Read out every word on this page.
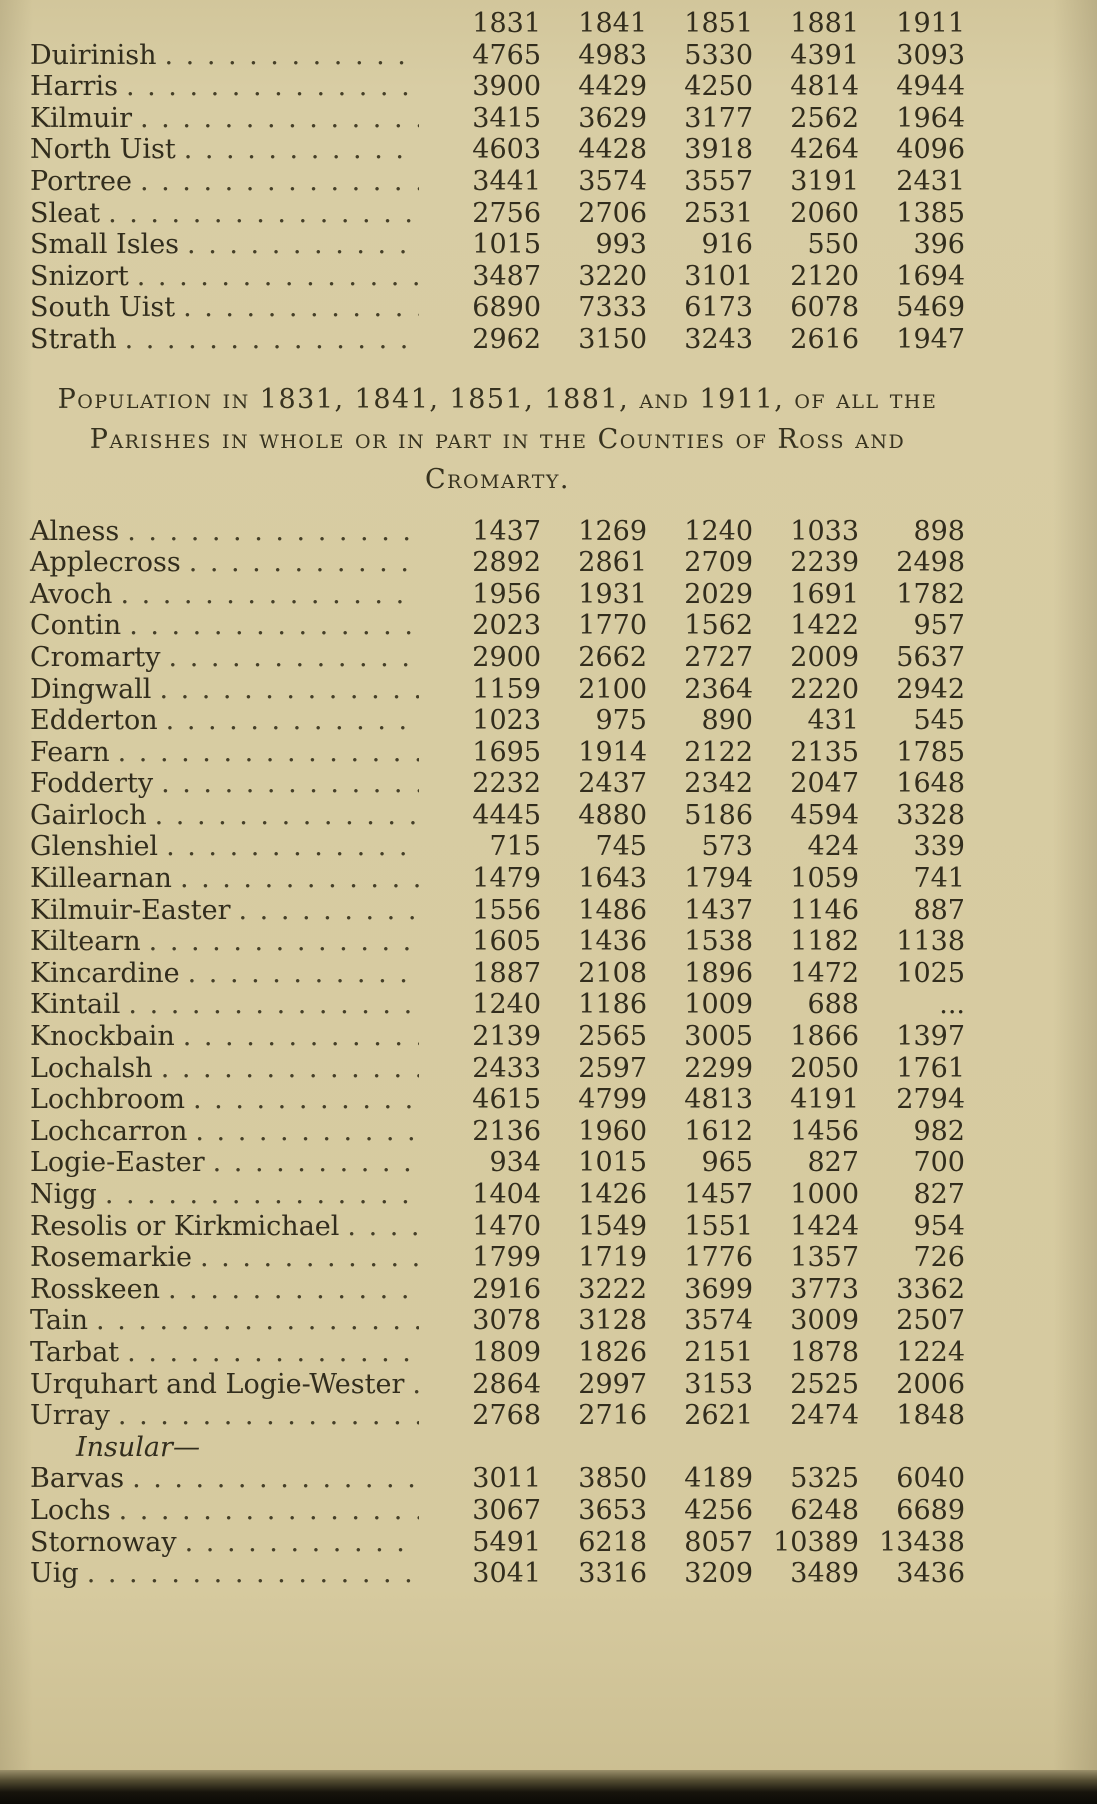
1831	1841	1851	1881	1911
Duirinish . . .	4765	4983	5330	4391	3093
Harris . . .	3900	4429	4250	4814	4944
Kilmuir . . .	3415	3629	3177	2562	1964
North Uist . . .	4603	4428	3918	4264	4096
Portree . . .	3441	3574	3557	3191	2431
Sleat . . .	2756	2706	2531	2060	1385
Small Isles . . .	1015	993	916	550	396
Snizort . . .	3487	3220	3101	2120	1694
South Uist . . .	6890	7333	6173	6078	5469
Strath . . .	2962	3150	3243	2616	1947
Population in 1831, 1841, 1851, 1881, and 1911, of all the
Parishes in whole or in part in the Counties of Ross and
Cromarty.
Alness . . .	1437	1269	1240	1033	898
Applecross . . .	2892	2861	2709	2239	2498
Avoch . . .	1956	1931	2029	1691	1782
Contin . . .	2023	1770	1562	1422	957
Cromarty . . .	2900	2662	2727	2009	5637
Dingwall . . .	1159	2100	2364	2220	2942
Edderton . . .	1023	975	890	431	545
Fearn . . .	1695	1914	2122	2135	1785
Fodderty . . .	2232	2437	2342	2047	1648
Gairloch . . .	4445	4880	5186	4594	3328
Glenshiel . . .	715	745	573	424	339
Killearnan . . .	1479	1643	1794	1059	741
Kilmuir-Easter . . .	1556	1486	1437	1146	887
Kiltearn . . .	1605	1436	1538	1182	1138
Kincardine . . .	1887	2108	1896	1472	1025
Kintail . . .	1240	1186	1009	688	...
Knockbain . . .	2139	2565	3005	1866	1397
Lochalsh . . .	2433	2597	2299	2050	1761
Lochbroom . . .	4615	4799	4813	4191	2794
Lochcarron . . .	2136	1960	1612	1456	982
Logie-Easter . . .	934	1015	965	827	700
Nigg . . .	1404	1426	1457	1000	827
Resolis or Kirkmichael . . .	1470	1549	1551	1424	954
Rosemarkie . . .	1799	1719	1776	1357	726
Rosskeen . . .	2916	3222	3699	3773	3362
Tain . . .	3078	3128	3574	3009	2507
Tarbat . . .	1809	1826	2151	1878	1224
Urquhart and Logie-Wester . . .	2864	2997	3153	2525	2006
Urray . . .	2768	2716	2621	2474	1848
Insular—
Barvas . . .	3011	3850	4189	5325	6040
Lochs . . .	3067	3653	4256	6248	6689
Stornoway . . .	5491	6218	8057 10389 13438
Uig . . .	3041	3316	3209	3489	3436
